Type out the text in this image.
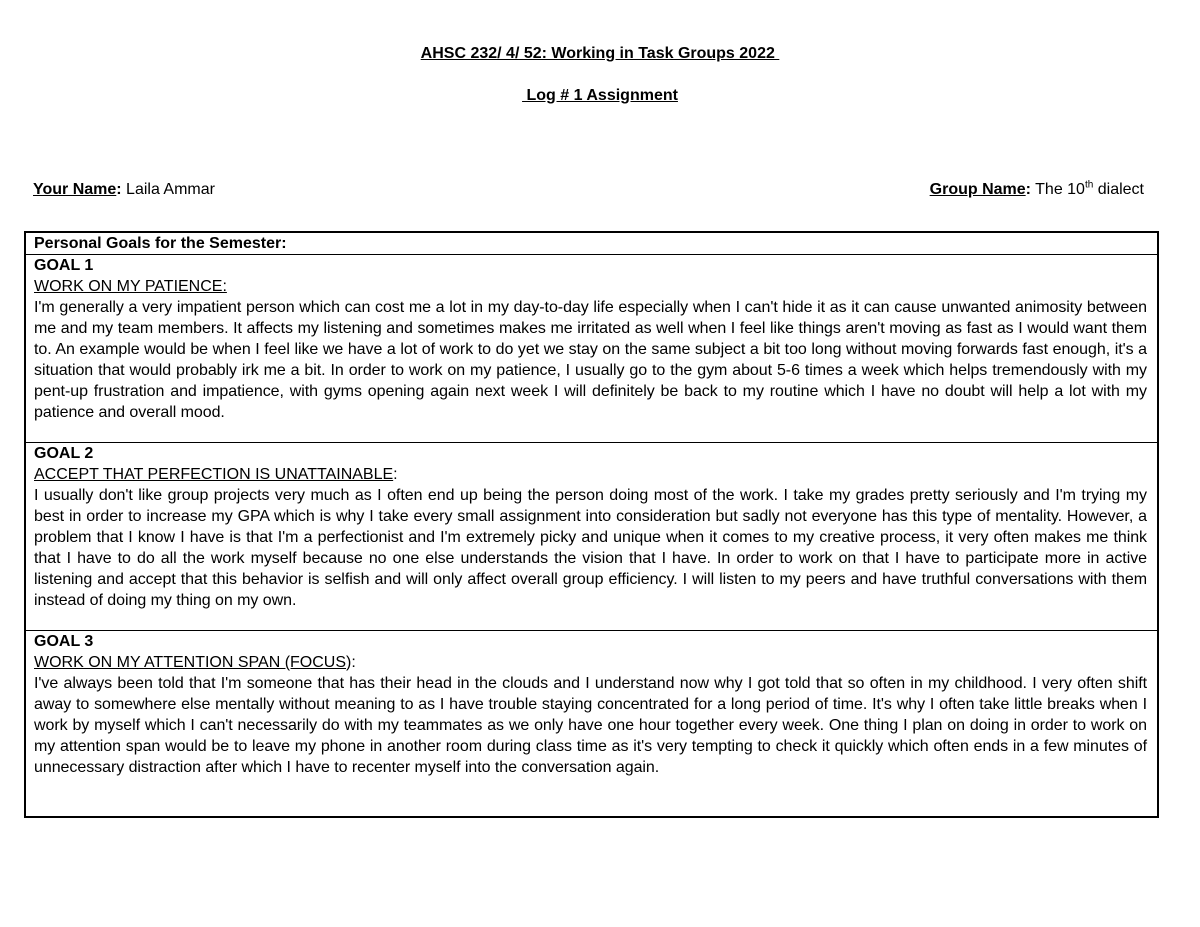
AHSC 232/ 4/ 52: Working in Task Groups 2022
Log # 1 Assignment
Your Name: Laila Ammar	Group Name: The 10th dialect
Personal Goals for the Semester:
GOAL 1
WORK ON MY PATIENCE:
I'm generally a very impatient person which can cost me a lot in my day-to-day life especially when I can't hide it as it can cause unwanted animosity between me and my team members. It affects my listening and sometimes makes me irritated as well when I feel like things aren't moving as fast as I would want them to. An example would be when I feel like we have a lot of work to do yet we stay on the same subject a bit too long without moving forwards fast enough, it's a situation that would probably irk me a bit. In order to work on my patience, I usually go to the gym about 5-6 times a week which helps tremendously with my pent-up frustration and impatience, with gyms opening again next week I will definitely be back to my routine which I have no doubt will help a lot with my patience and overall mood.
GOAL 2
ACCEPT THAT PERFECTION IS UNATTAINABLE:
I usually don't like group projects very much as I often end up being the person doing most of the work. I take my grades pretty seriously and I'm trying my best in order to increase my GPA which is why I take every small assignment into consideration but sadly not everyone has this type of mentality. However, a problem that I know I have is that I'm a perfectionist and I'm extremely picky and unique when it comes to my creative process, it very often makes me think that I have to do all the work myself because no one else understands the vision that I have. In order to work on that I have to participate more in active listening and accept that this behavior is selfish and will only affect overall group efficiency. I will listen to my peers and have truthful conversations with them instead of doing my thing on my own.
GOAL 3
WORK ON MY ATTENTION SPAN (FOCUS):
I've always been told that I'm someone that has their head in the clouds and I understand now why I got told that so often in my childhood. I very often shift away to somewhere else mentally without meaning to as I have trouble staying concentrated for a long period of time. It's why I often take little breaks when I work by myself which I can't necessarily do with my teammates as we only have one hour together every week. One thing I plan on doing in order to work on my attention span would be to leave my phone in another room during class time as it's very tempting to check it quickly which often ends in a few minutes of unnecessary distraction after which I have to recenter myself into the conversation again.
